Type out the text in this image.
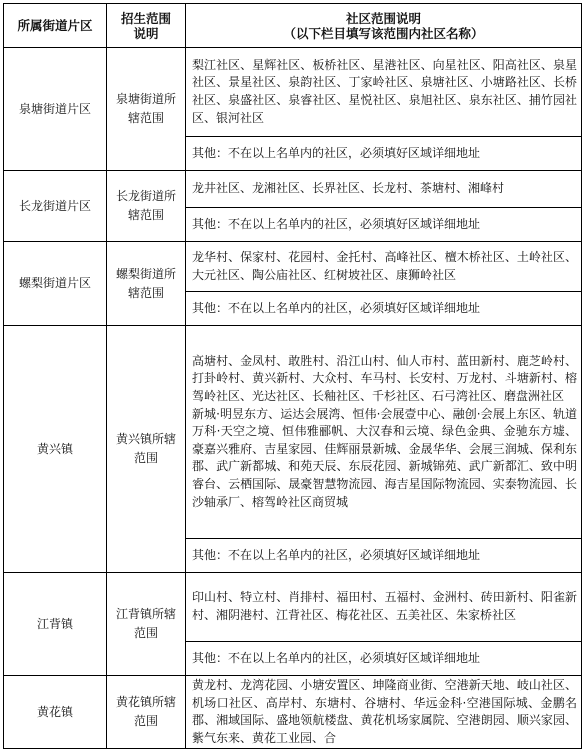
所属街道片区	招生范围说明	社区范围说明
（以下栏目填写该范围内社区名称）

泉塘街道片区	泉塘街道所辖范围	梨江社区、星辉社区、板桥社区、星港社区、向星社区、阳高社区、泉星社区、景星社区、泉韵社区、丁家岭社区、泉塘社区、小塘路社区、长桥社区、泉盛社区、泉睿社区、星悦社区、泉旭社区、泉东社区、捕竹园社区、银河社区
		其他：不在以上名单内的社区，必须填好区域详细地址
长龙街道片区	长龙街道所辖范围	龙井社区、龙湘社区、长界社区、长龙村、茶塘村、湘峰村
		其他：不在以上名单内的社区，必须填好区域详细地址
螺梨街道片区	螺梨街道所辖范围	龙华村、保家村、花园村、金托村、高峰社区、檀木桥社区、土岭社区、大元社区、陶公庙社区、红树坡社区、康狮岭社区
		其他：不在以上名单内的社区，必须填好区域详细地址
黄兴镇	黄兴镇所辖范围	高塘村、金凤村、敢胜村、沿江山村、仙人市村、蓝田新村、鹿芝岭村、打卦岭村、黄兴新村、大众村、车马村、长安村、万龙村、斗塘新村、榕驾岭社区、光达社区、长釉社区、千杉社区、石弓湾社区、磨盘洲社区
新城·明昱东方、运达会展湾、恒伟·会展壹中心、融创·会展上东区、轨道万科·天空之境、恒伟雅郦帆、大汉春和云境、绿色金典、金驰东方墟、豪嘉兴雅府、吉星家园、佳辉丽景新城、金晟华华、会展三润城、保利东郡、武广新都城、和苑天辰、东辰花园、新城锦苑、武广新都汇、致中明睿台、云栖国际、晟豪智慧物流园、海吉星国际物流园、实泰物流园、长沙轴承厂、榕驾岭社区商贸城

		其他：不在以上名单内的社区，必须填好区域详细地址
江背镇	江背镇所辖范围	印山村、特立村、肖排村、福田村、五福村、金洲村、砖田新村、阳雀新村、湘阴港村、江背社区、梅花社区、五美社区、朱家桥社区
		其他：不在以上名单内的社区，必须填好区域详细地址
黄花镇	黄花镇所辖范围	黄龙村、龙湾花园、小塘安置区、坤隆商业街、空港新天地、岐山社区、机场口社区、高岸村、东塘村、谷塘村、华远金科·空港国际城、金鹏名郡、湘域国际、盛地领航楼盘、黄花机场家属院、空港朗园、顺兴家园、紫气东来、黄花工业园、合
